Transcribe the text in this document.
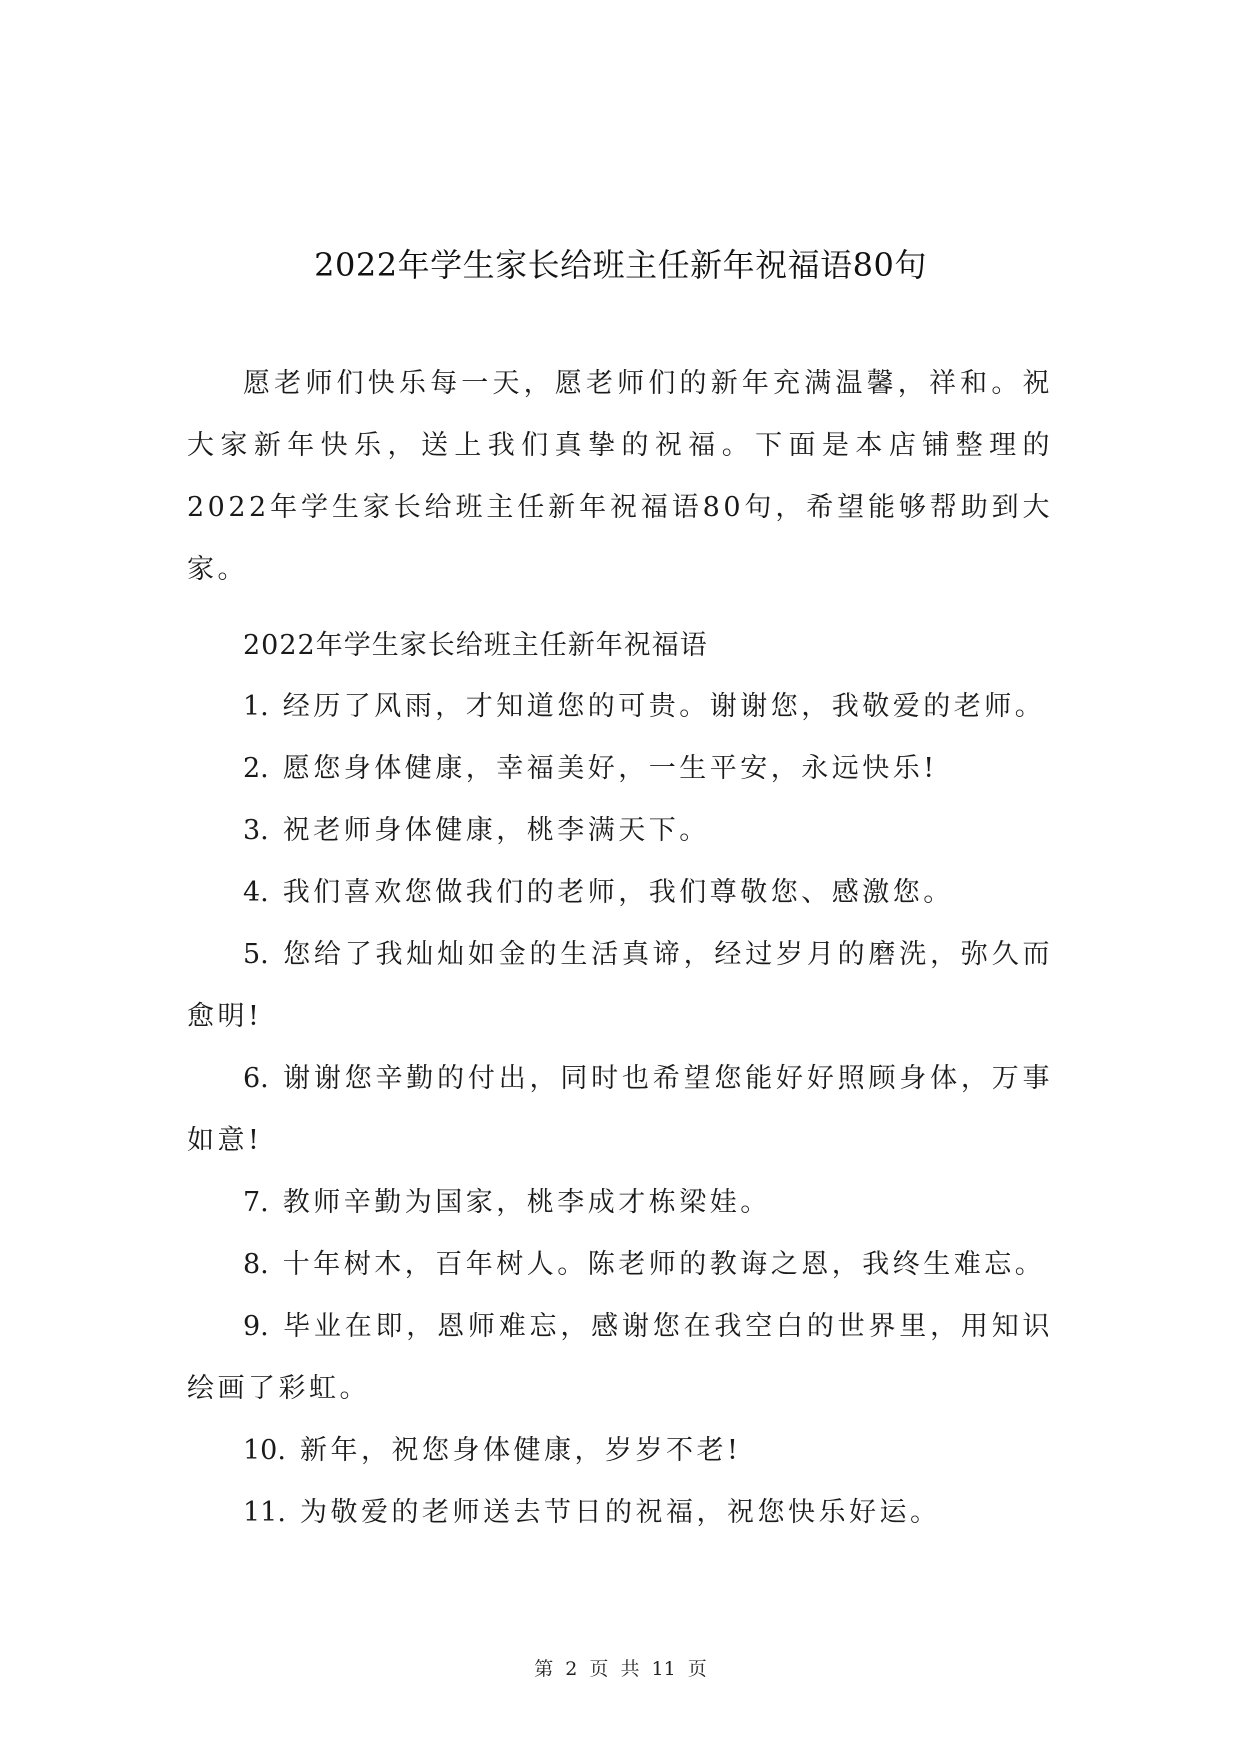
2022年学生家长给班主任新年祝福语80句

愿老师们快乐每一天，愿老师们的新年充满温馨，祥和。祝大家新年快乐，送上我们真挚的祝福。下面是本店铺整理的2022年学生家长给班主任新年祝福语80句，希望能够帮助到大家。

2022年学生家长给班主任新年祝福语

1. 经历了风雨，才知道您的可贵。谢谢您，我敬爱的老师。
2. 愿您身体健康，幸福美好，一生平安，永远快乐!
3. 祝老师身体健康，桃李满天下。
4. 我们喜欢您做我们的老师，我们尊敬您、感激您。
5. 您给了我灿灿如金的生活真谛，经过岁月的磨洗，弥久而愈明!
6. 谢谢您辛勤的付出，同时也希望您能好好照顾身体，万事如意!
7. 教师辛勤为国家，桃李成才栋梁娃。
8. 十年树木，百年树人。陈老师的教诲之恩，我终生难忘。
9. 毕业在即，恩师难忘，感谢您在我空白的世界里，用知识绘画了彩虹。
10. 新年，祝您身体健康，岁岁不老!
11. 为敬爱的老师送去节日的祝福，祝您快乐好运。
第 2 页 共 11 页
